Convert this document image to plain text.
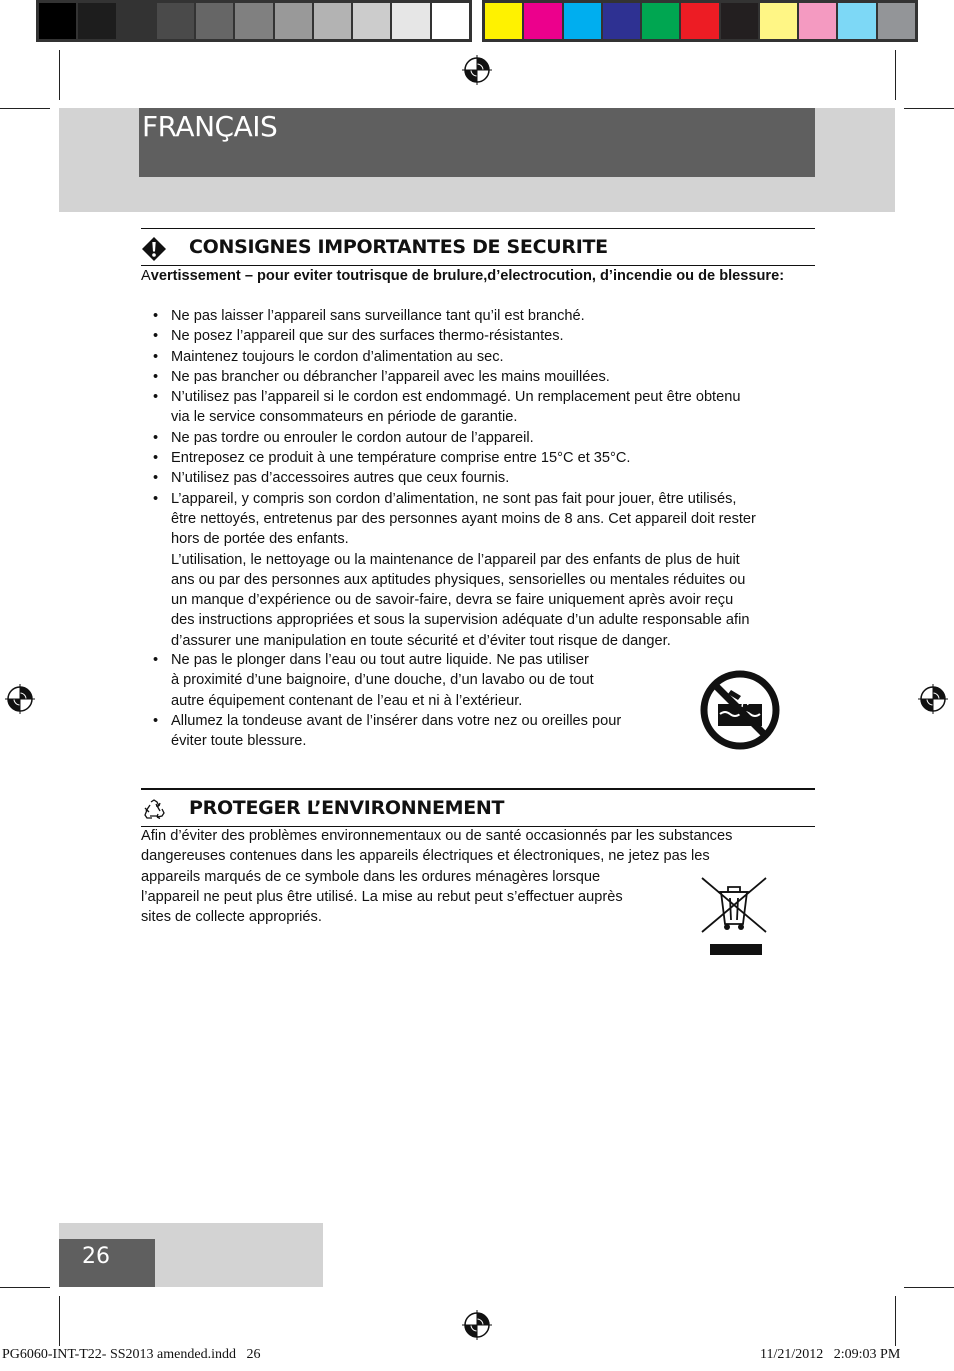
FRANÇAIS
CONSIGNES IMPORTANTES DE SECURITE
Avertissement – pour eviter toutrisque de brulure,d’electrocution, d’incendie ou de blessure:
• Ne pas laisser l’appareil sans surveillance tant qu’il est branché.
• Ne posez l’appareil que sur des surfaces thermo-résistantes.
• Maintenez toujours le cordon d’alimentation au sec.
• Ne pas brancher ou débrancher l’appareil avec les mains mouillées.
• N’utilisez pas l’appareil si le cordon est endommagé. Un remplacement peut être obtenu
via le service consommateurs en période de garantie.
• Ne pas tordre ou enrouler le cordon autour de l’appareil.
• Entreposez ce produit à une température comprise entre 15°C et 35°C.
• N’utilisez pas d’accessoires autres que ceux fournis.
• L’appareil, y compris son cordon d’alimentation, ne sont pas fait pour jouer, être utilisés,
être nettoyés, entretenus par des personnes ayant moins de 8 ans. Cet appareil doit rester
hors de portée des enfants.
L’utilisation, le nettoyage ou la maintenance de l’appareil par des enfants de plus de huit
ans ou par des personnes aux aptitudes physiques, sensorielles ou mentales réduites ou
un manque d’expérience ou de savoir-faire, devra se faire uniquement après avoir reçu
des instructions appropriées et sous la supervision adéquate d’un adulte responsable afin
d’assurer une manipulation en toute sécurité et d’éviter tout risque de danger.
• Ne pas le plonger dans l’eau ou tout autre liquide. Ne pas utiliser
à proximité d’une baignoire, d’une douche, d’un lavabo ou de tout
autre équipement contenant de l’eau et ni à l’extérieur.
• Allumez la tondeuse avant de l’insérer dans votre nez ou oreilles pour
éviter toute blessure.
PROTEGER L’ENVIRONNEMENT
Afin d’éviter des problèmes environnementaux ou de santé occasionnés par les substances
dangereuses contenues dans les appareils électriques et électroniques, ne jetez pas les
appareils marqués de ce symbole dans les ordures ménagères lorsque
l’appareil ne peut plus être utilisé. La mise au rebut peut s’effectuer auprès
sites de collecte appropriés.
26
PG6060-INT-T22- SS2013 amended.indd   26	11/21/2012   2:09:03 PM
